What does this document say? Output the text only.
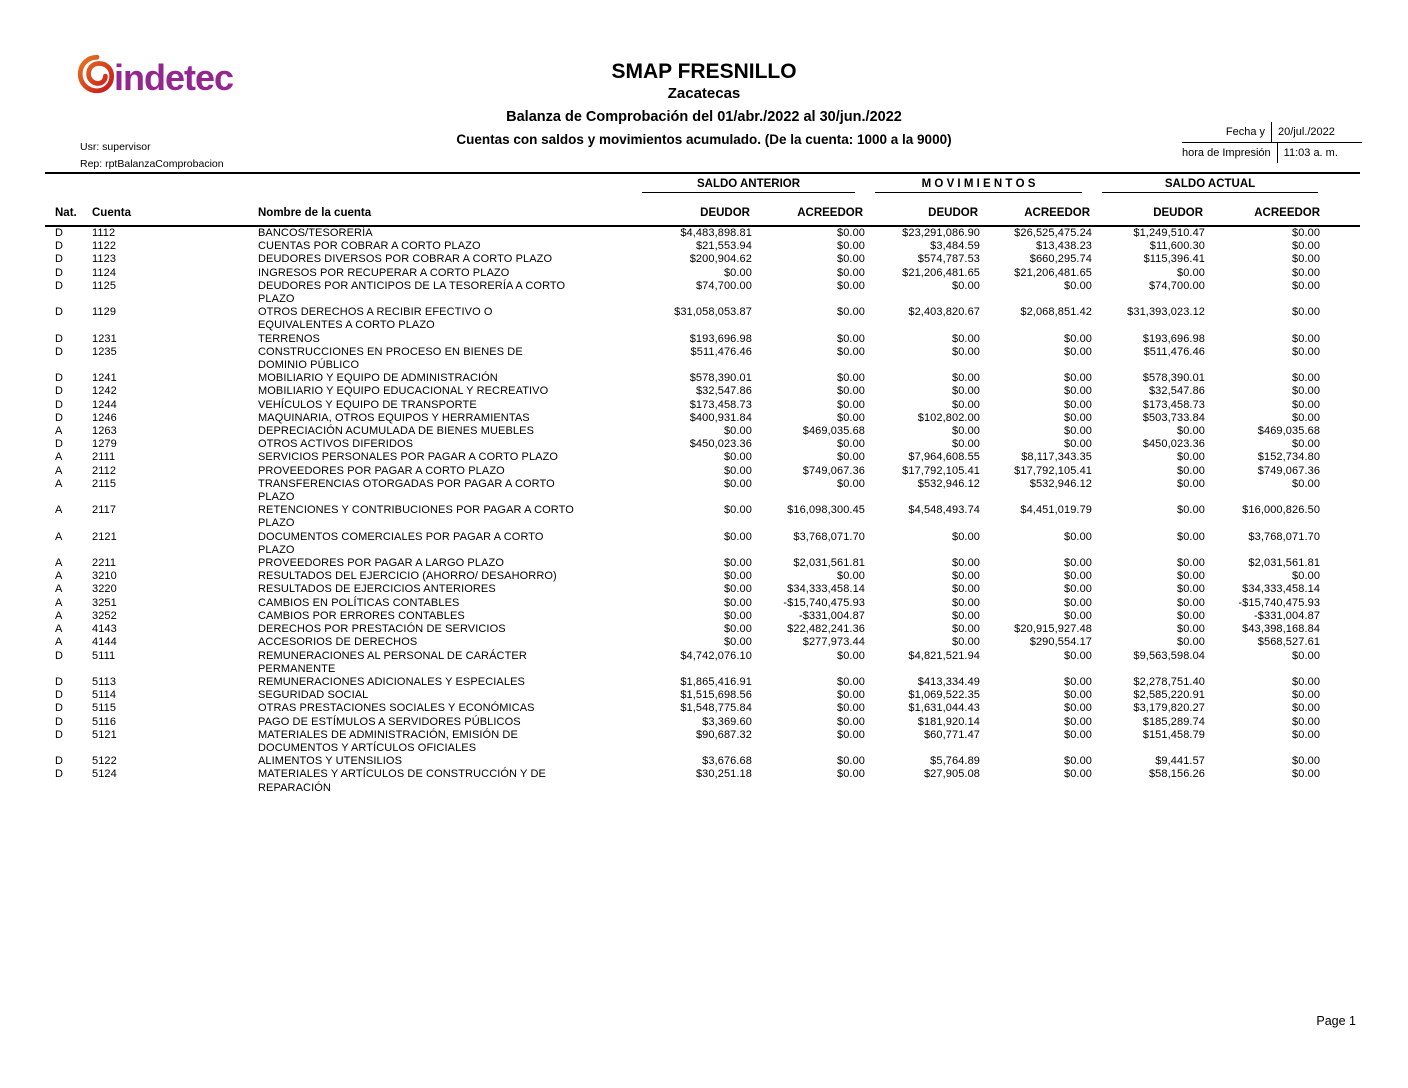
indetec	SMAP FRESNILLO
Zacatecas
Balanza de Comprobación del 01/abr./2022 al 30/jun./2022
Cuentas con saldos y movimientos acumulado. (De la cuenta: 1000 a la 9000)
Usr: supervisor
Rep: rptBalanzaComprobacion
Fecha y	20/jul./2022
hora de Impresión	11:03 a. m.

			SALDO ANTERIOR		M O V I M I E N T O S		SALDO ACTUAL	

Nat.	Cuenta	Nombre de la cuenta	DEUDOR	ACREEDOR	DEUDOR	ACREEDOR	DEUDOR	ACREEDOR
D	1112	BANCOS/TESORERÍA	$4,483,898.81	$0.00	$23,291,086.90	$26,525,475.24	$1,249,510.47	$0.00
D	1122	CUENTAS POR COBRAR A CORTO PLAZO	$21,553.94	$0.00	$3,484.59	$13,438.23	$11,600.30	$0.00
D	1123	DEUDORES DIVERSOS POR COBRAR A CORTO PLAZO	$200,904.62	$0.00	$574,787.53	$660,295.74	$115,396.41	$0.00
D	1124	INGRESOS POR RECUPERAR A CORTO PLAZO	$0.00	$0.00	$21,206,481.65	$21,206,481.65	$0.00	$0.00
D	1125	DEUDORES POR ANTICIPOS DE LA TESORERÍA A CORTO PLAZO	$74,700.00	$0.00	$0.00	$0.00	$74,700.00	$0.00
D	1129	OTROS DERECHOS A RECIBIR EFECTIVO O EQUIVALENTES A CORTO PLAZO	$31,058,053.87	$0.00	$2,403,820.67	$2,068,851.42	$31,393,023.12	$0.00
D	1231	TERRENOS	$193,696.98	$0.00	$0.00	$0.00	$193,696.98	$0.00
D	1235	CONSTRUCCIONES EN PROCESO EN BIENES DE DOMINIO PÚBLICO	$511,476.46	$0.00	$0.00	$0.00	$511,476.46	$0.00
D	1241	MOBILIARIO Y EQUIPO DE ADMINISTRACIÓN	$578,390.01	$0.00	$0.00	$0.00	$578,390.01	$0.00
D	1242	MOBILIARIO Y EQUIPO EDUCACIONAL Y RECREATIVO	$32,547.86	$0.00	$0.00	$0.00	$32,547.86	$0.00
D	1244	VEHÍCULOS Y EQUIPO DE TRANSPORTE	$173,458.73	$0.00	$0.00	$0.00	$173,458.73	$0.00
D	1246	MAQUINARIA, OTROS EQUIPOS Y HERRAMIENTAS	$400,931.84	$0.00	$102,802.00	$0.00	$503,733.84	$0.00
A	1263	DEPRECIACIÓN ACUMULADA DE BIENES MUEBLES	$0.00	$469,035.68	$0.00	$0.00	$0.00	$469,035.68
D	1279	OTROS ACTIVOS DIFERIDOS	$450,023.36	$0.00	$0.00	$0.00	$450,023.36	$0.00
A	2111	SERVICIOS PERSONALES POR PAGAR A CORTO PLAZO	$0.00	$0.00	$7,964,608.55	$8,117,343.35	$0.00	$152,734.80
A	2112	PROVEEDORES POR PAGAR A CORTO PLAZO	$0.00	$749,067.36	$17,792,105.41	$17,792,105.41	$0.00	$749,067.36
A	2115	TRANSFERENCIAS OTORGADAS POR PAGAR A CORTO PLAZO	$0.00	$0.00	$532,946.12	$532,946.12	$0.00	$0.00
A	2117	RETENCIONES Y CONTRIBUCIONES POR PAGAR A CORTO PLAZO	$0.00	$16,098,300.45	$4,548,493.74	$4,451,019.79	$0.00	$16,000,826.50
A	2121	DOCUMENTOS COMERCIALES POR PAGAR A CORTO PLAZO	$0.00	$3,768,071.70	$0.00	$0.00	$0.00	$3,768,071.70
A	2211	PROVEEDORES POR PAGAR A LARGO PLAZO	$0.00	$2,031,561.81	$0.00	$0.00	$0.00	$2,031,561.81
A	3210	RESULTADOS DEL EJERCICIO (AHORRO/ DESAHORRO)	$0.00	$0.00	$0.00	$0.00	$0.00	$0.00
A	3220	RESULTADOS DE EJERCICIOS ANTERIORES	$0.00	$34,333,458.14	$0.00	$0.00	$0.00	$34,333,458.14
A	3251	CAMBIOS EN POLÍTICAS CONTABLES	$0.00	-$15,740,475.93	$0.00	$0.00	$0.00	-$15,740,475.93
A	3252	CAMBIOS POR ERRORES CONTABLES	$0.00	-$331,004.87	$0.00	$0.00	$0.00	-$331,004.87
A	4143	DERECHOS POR PRESTACIÓN DE SERVICIOS	$0.00	$22,482,241.36	$0.00	$20,915,927.48	$0.00	$43,398,168.84
A	4144	ACCESORIOS DE DERECHOS	$0.00	$277,973.44	$0.00	$290,554.17	$0.00	$568,527.61
D	5111	REMUNERACIONES AL PERSONAL DE CARÁCTER PERMANENTE	$4,742,076.10	$0.00	$4,821,521.94	$0.00	$9,563,598.04	$0.00
D	5113	REMUNERACIONES ADICIONALES Y ESPECIALES	$1,865,416.91	$0.00	$413,334.49	$0.00	$2,278,751.40	$0.00
D	5114	SEGURIDAD SOCIAL	$1,515,698.56	$0.00	$1,069,522.35	$0.00	$2,585,220.91	$0.00
D	5115	OTRAS PRESTACIONES SOCIALES Y ECONÓMICAS	$1,548,775.84	$0.00	$1,631,044.43	$0.00	$3,179,820.27	$0.00
D	5116	PAGO DE ESTÍMULOS A SERVIDORES PÚBLICOS	$3,369.60	$0.00	$181,920.14	$0.00	$185,289.74	$0.00
D	5121	MATERIALES DE ADMINISTRACIÓN, EMISIÓN DE DOCUMENTOS Y ARTÍCULOS OFICIALES	$90,687.32	$0.00	$60,771.47	$0.00	$151,458.79	$0.00
D	5122	ALIMENTOS Y UTENSILIOS	$3,676.68	$0.00	$5,764.89	$0.00	$9,441.57	$0.00
D	5124	MATERIALES Y ARTÍCULOS DE CONSTRUCCIÓN Y DE REPARACIÓN	$30,251.18	$0.00	$27,905.08	$0.00	$58,156.26	$0.00
Page 1
